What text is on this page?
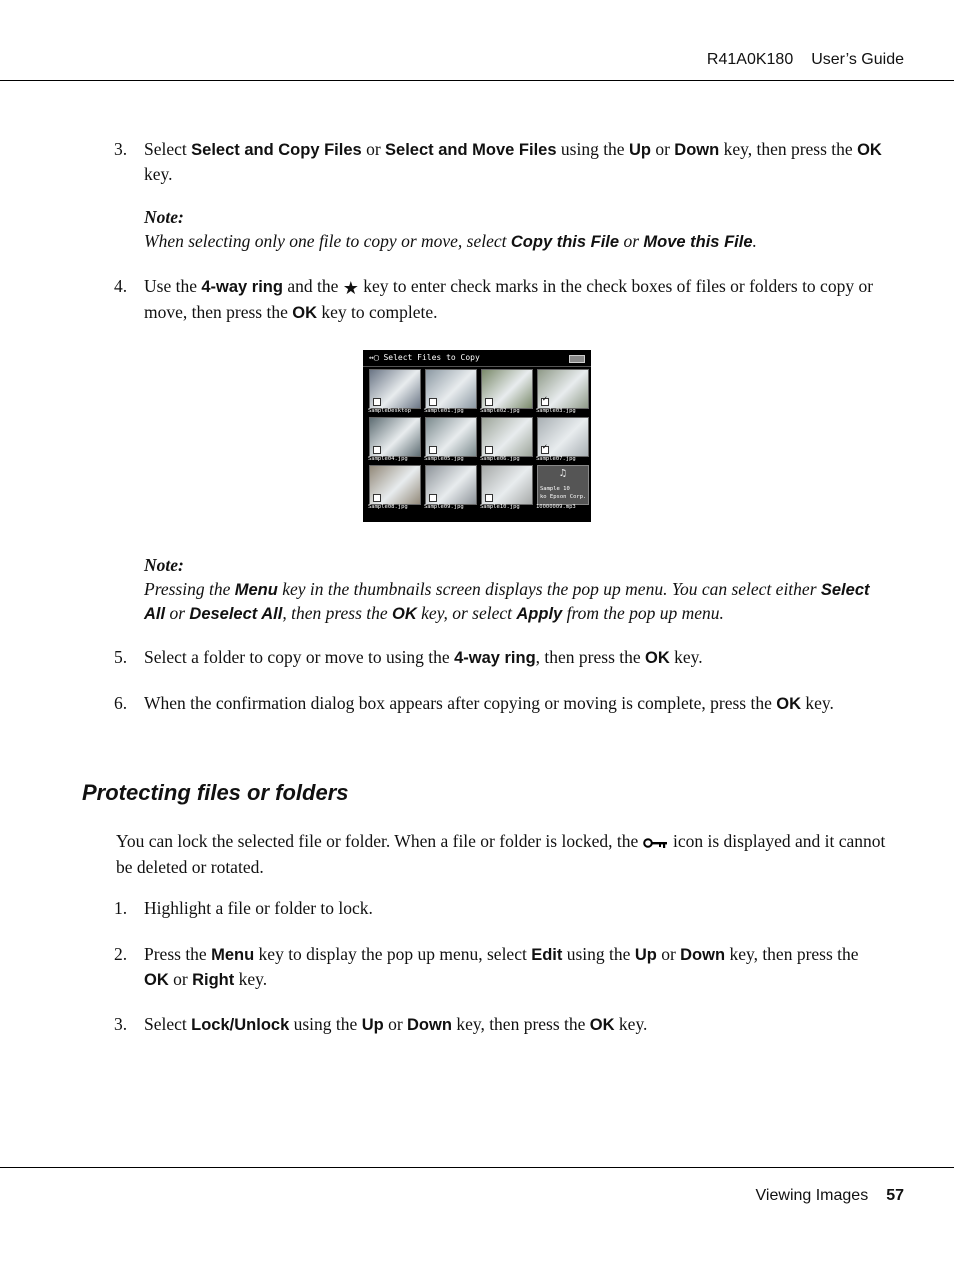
R41A0K180 User’s Guide
3. Select Select and Copy Files or Select and Move Files using the Up or Down key, then press the OK key.
Note:
When selecting only one file to copy or move, select Copy this File or Move this File.
4. Use the 4-way ring and the ★ key to enter check marks in the check boxes of files or folders to copy or move, then press the OK key to complete.
↔▢ Select Files to Copy
SampleDesktop Sample01.jpg	Sample02.jpg
✓	Sample03.jpg
Sample04.jpg	Sample05.jpg	Sample06.jpg
✓	Sample07.jpg
Sample08.jpg	Sample09.jpg	Sample10.jpg
♫
Sample 10
ko Epson Corp.
10000009.mp3
Note:
Pressing the Menu key in the thumbnails screen displays the pop up menu. You can select either Select All or Deselect All, then press the OK key, or select Apply from the pop up menu.
5. Select a folder to copy or move to using the 4-way ring, then press the OK key.
6. When the confirmation dialog box appears after copying or moving is complete, press the OK key.
Protecting files or folders
You can lock the selected file or folder. When a file or folder is locked, the  icon is displayed and it cannot be deleted or rotated.
1. Highlight a file or folder to lock.
2. Press the Menu key to display the pop up menu, select Edit using the Up or Down key, then press the OK or Right key.
3. Select Lock/Unlock using the Up or Down key, then press the OK key.
Viewing Images 57
